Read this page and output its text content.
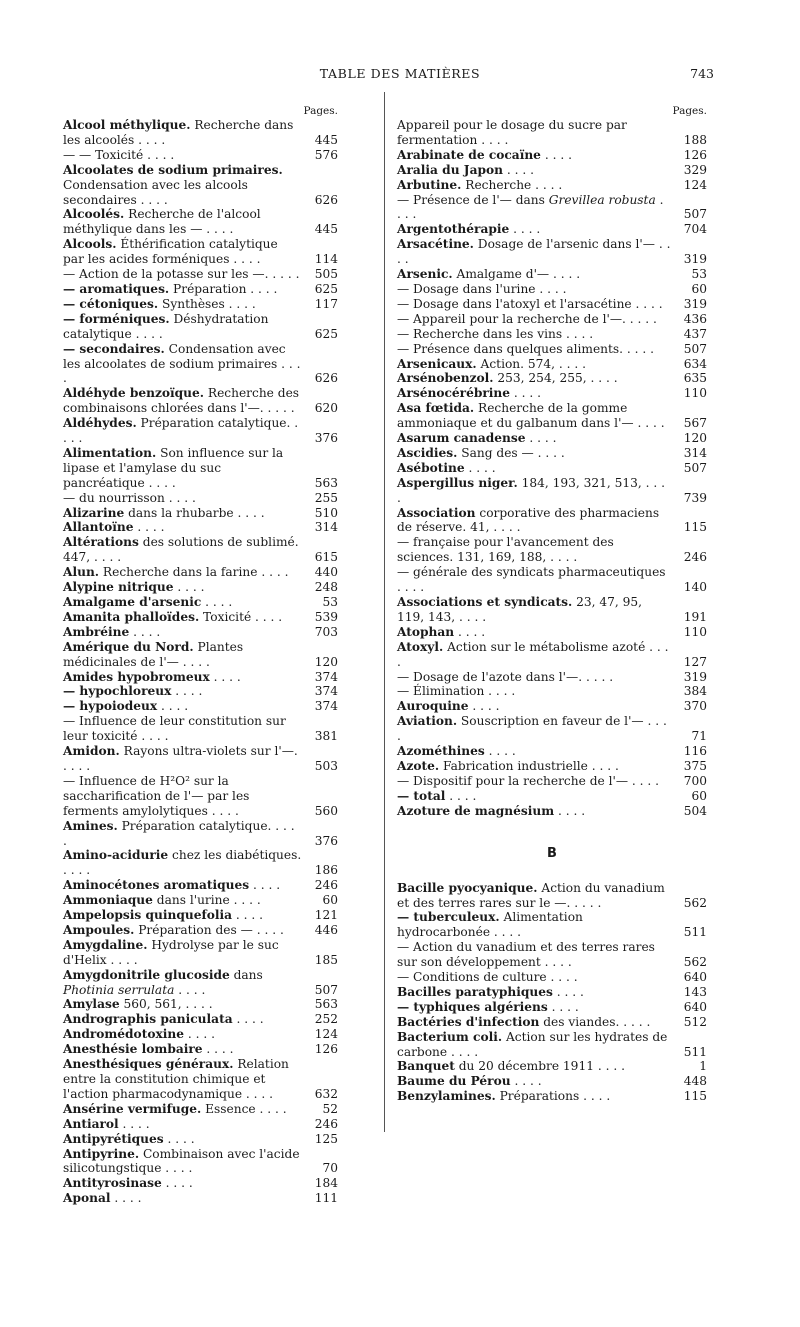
TABLE DES MATIÈRES	743
Pages.
Alcool méthylique. Recherche dans les alcoolés . . . .	445
— — Toxicité . . . .	576
Alcoolates de sodium primaires. Condensation avec les alcools secondaires . . . .	626
Alcoolés. Recherche de l'alcool méthylique dans les — . . . .	445
Alcools. Éthérification catalytique par les acides forméniques . . . .	114
— Action de la potasse sur les —. . . . . 505
— aromatiques. Préparation . . . .	625
— cétoniques. Synthèses . . . .	117
— forméniques. Déshydratation catalytique . . . .	625
— secondaires. Condensation avec les alcoolates de sodium primaires . . . .	626
Aldéhyde benzoïque. Recherche des combinaisons chlorées dans l'—. . . . .	620
Aldéhydes. Préparation catalytique. . . . .	376
Alimentation. Son influence sur la lipase et l'amylase du suc pancréatique . . . .	563
— du nourrisson . . . .	255
Alizarine dans la rhubarbe . . . .	510
Allantoïne . . . .	314
Altérations des solutions de sublimé. 447, . . . .	615
Alun. Recherche dans la farine . . . .	440
Alypine nitrique . . . .	248
Amalgame d'arsenic . . . .	53
Amanita phalloïdes. Toxicité . . . .	539
Ambréine . . . .	703
Amérique du Nord. Plantes médicinales de l'— . . . .	120
Amides hypobromeux . . . .	374
— hypochloreux . . . .	374
— hypoiodeux . . . .	374
— Influence de leur constitution sur leur toxicité . . . .	381
Amidon. Rayons ultra-violets sur l'—. . . . .	503
— Influence de H²O² sur la saccharification de l'— par les ferments amylolytiques . . . .	560
Amines. Préparation catalytique. . . . .	376
Amino-acidurie chez les diabétiques. . . . .	186
Aminocétones aromatiques . . . .	246
Ammoniaque dans l'urine . . . .	60
Ampelopsis quinquefolia . . . .	121
Ampoules. Préparation des — . . . .	446
Amygdaline. Hydrolyse par le suc d'Helix . . . .	185
Amygdonitrile glucoside dans Photinia serrulata . . . .	507
Amylase 560, 561, . . . .	563
Andrographis paniculata . . . .	252
Andromédotoxine . . . .	124
Anesthésie lombaire . . . .	126
Anesthésiques généraux. Relation entre la constitution chimique et l'action pharmacodynamique . . . .	632
Ansérine vermifuge. Essence . . . .	52
Antiarol . . . .	246
Antipyrétiques . . . .	125
Antipyrine. Combinaison avec l'acide silicotungstique . . . .	70
Antityrosinase . . . .	184
Aponal . . . .	111
Pages.
Appareil pour le dosage du sucre par fermentation . . . .	188
Arabinate de cocaïne . . . .	126
Aralia du Japon . . . .	329
Arbutine. Recherche . . . .	124
— Présence de l'— dans Grevillea robusta . . . .	507
Argentothérapie . . . .	704
Arsacétine. Dosage de l'arsenic dans l'— . . . .	319
Arsenic. Amalgame d'— . . . .	53
— Dosage dans l'urine . . . .	60
— Dosage dans l'atoxyl et l'arsacétine . . . .	319
— Appareil pour la recherche de l'—. . . . .	436
— Recherche dans les vins . . . .	437
— Présence dans quelques aliments. . . . .	507
Arsenicaux. Action. 574, . . . .	634
Arsénobenzol. 253, 254, 255, . . . .	635
Arsénocérébrine . . . .	110
Asa fœtida. Recherche de la gomme ammoniaque et du galbanum dans l'— . . . .	567
Asarum canadense . . . .	120
Ascidies. Sang des — . . . .	314
Asébotine . . . .	507
Aspergillus niger. 184, 193, 321, 513, . . . .	739
Association corporative des pharmaciens de réserve. 41, . . . .	115
— française pour l'avancement des sciences. 131, 169, 188, . . . .	246
— générale des syndicats pharmaceutiques . . . .	140
Associations et syndicats. 23, 47, 95, 119, 143, . . . .	191
Atophan . . . .	110
Atoxyl. Action sur le métabolisme azoté . . . .	127
— Dosage de l'azote dans l'—. . . . .	319
— Élimination . . . .	384
Auroquine . . . .	370
Aviation. Souscription en faveur de l'— . . . .	71
Azométhines . . . .	116
Azote. Fabrication industrielle . . . .	375
— Dispositif pour la recherche de l'— . . . .	700
— total . . . .	60
Azoture de magnésium . . . .	504
B
Bacille pyocyanique. Action du vanadium et des terres rares sur le —. . . . .	562
— tuberculeux. Alimentation hydrocarbonée . . . .	511
— Action du vanadium et des terres rares sur son développement . . . .	562
— Conditions de culture . . . .	640
Bacilles paratyphiques . . . .	143
— typhiques algériens . . . .	640
Bactéries d'infection des viandes. . . . .	512
Bacterium coli. Action sur les hydrates de carbone . . . .	511
Banquet du 20 décembre 1911 . . . .	1
Baume du Pérou . . . .	448
Benzylamines. Préparations . . . .	115
